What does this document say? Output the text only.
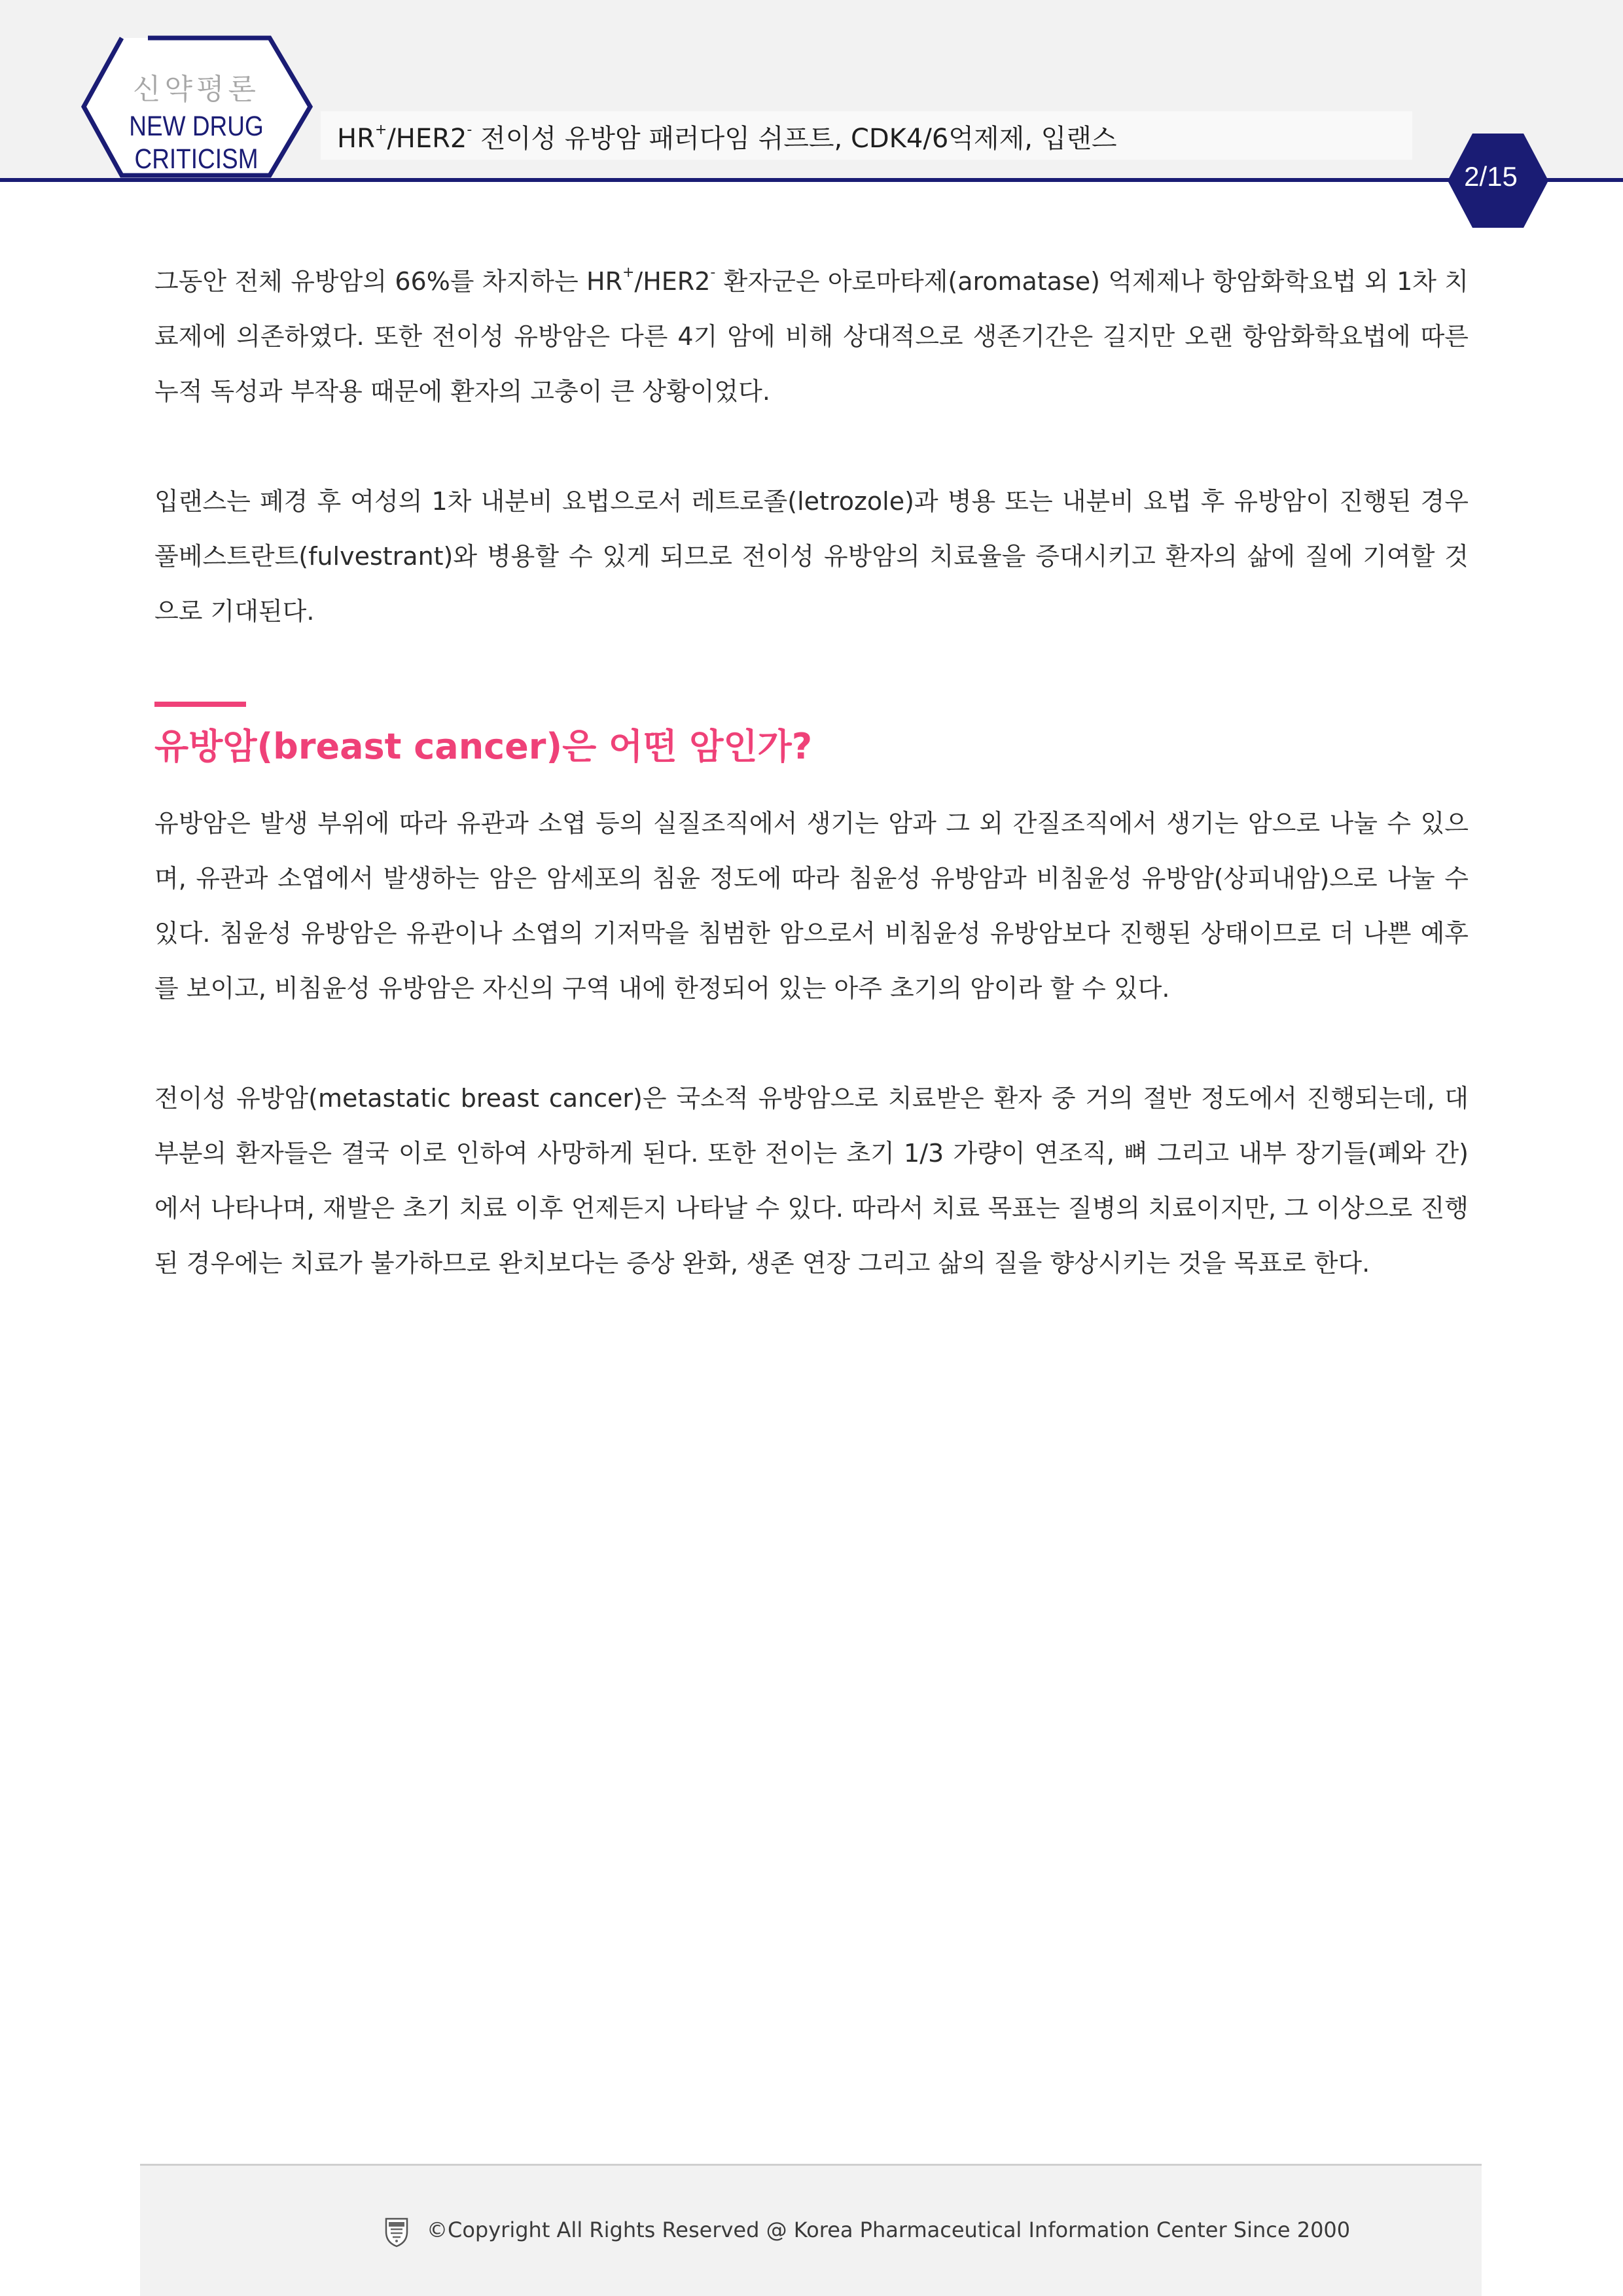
신약평론
NEW DRUG
CRITICISM
HR+/HER2- 전이성 유방암 패러다임 쉬프트, CDK4/6억제제, 입랜스
2/15

그동안 전체 유방암의 66%를 차지하는 HR+/HER2- 환자군은 아로마타제(aromatase) 억제제나 항암화학요법 외 1차 치료제에 의존하였다. 또한 전이성 유방암은 다른 4기 암에 비해 상대적으로 생존기간은 길지만 오랜 항암화학요법에 따른 누적 독성과 부작용 때문에 환자의 고충이 큰 상황이었다.

입랜스는 폐경 후 여성의 1차 내분비 요법으로서 레트로졸(letrozole)과 병용 또는 내분비 요법 후 유방암이 진행된 경우 풀베스트란트(fulvestrant)와 병용할 수 있게 되므로 전이성 유방암의 치료율을 증대시키고 환자의 삶에 질에 기여할 것으로 기대된다.

유방암(breast cancer)은 어떤 암인가?

유방암은 발생 부위에 따라 유관과 소엽 등의 실질조직에서 생기는 암과 그 외 간질조직에서 생기는 암으로 나눌 수 있으며, 유관과 소엽에서 발생하는 암은 암세포의 침윤 정도에 따라 침윤성 유방암과 비침윤성 유방암(상피내암)으로 나눌 수 있다. 침윤성 유방암은 유관이나 소엽의 기저막을 침범한 암으로서 비침윤성 유방암보다 진행된 상태이므로 더 나쁜 예후를 보이고, 비침윤성 유방암은 자신의 구역 내에 한정되어 있는 아주 초기의 암이라 할 수 있다.

전이성 유방암(metastatic breast cancer)은 국소적 유방암으로 치료받은 환자 중 거의 절반 정도에서 진행되는데, 대부분의 환자들은 결국 이로 인하여 사망하게 된다. 또한 전이는 초기 1/3 가량이 연조직, 뼈 그리고 내부 장기들(폐와 간)에서 나타나며, 재발은 초기 치료 이후 언제든지 나타날 수 있다. 따라서 치료 목표는 질병의 치료이지만, 그 이상으로 진행된 경우에는 치료가 불가하므로 완치보다는 증상 완화, 생존 연장 그리고 삶의 질을 향상시키는 것을 목표로 한다.

©Copyright All Rights Reserved @ Korea Pharmaceutical Information Center Since 2000
